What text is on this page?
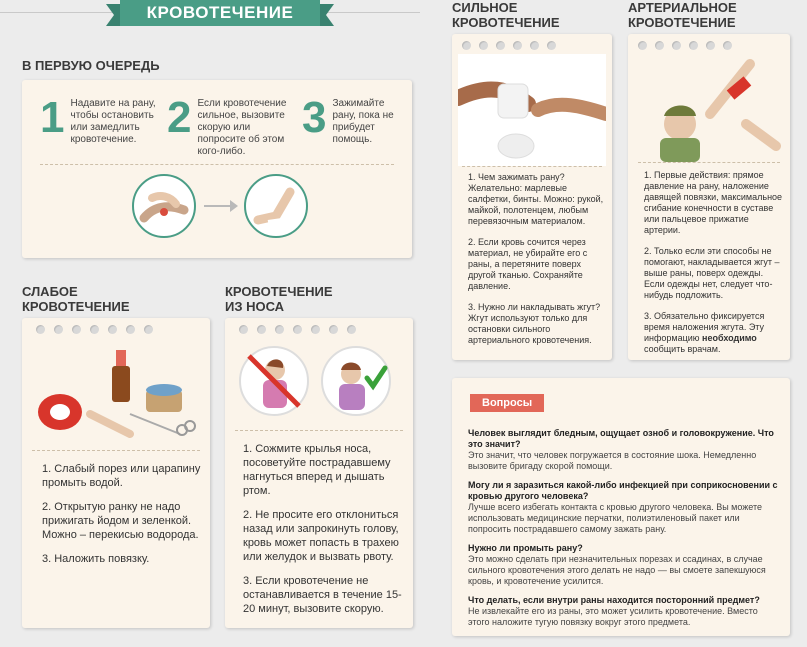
КРОВОТЕЧЕНИЕ
В ПЕРВУЮ ОЧЕРЕДЬ
1 Надавите на рану, чтобы остановить или замедлить кровотечение. 2 Если кровотечение сильное, вызовите скорую или попросите об этом кого-либо.
3 Зажимайте рану, пока не прибудет помощь.
СЛАБОЕ
КРОВОТЕЧЕНИЕ

1. Слабый порез или царапину промыть водой.

2. Открытую ранку не надо прижигать йодом и зеленкой.

Можно – перекисью водорода.

3. Наложить повязку.

КРОВОТЕЧЕНИЕ
ИЗ НОСА

1. Сожмите крылья носа, посоветуйте пострадавшему нагнуться вперед и дышать ртом.

2. Не просите его отклониться назад или запрокинуть голову, кровь может попасть в трахею или желудок и вызвать рвоту.

3. Если кровотечение не останавливается в течение 15-20 минут, вызовите скорую.

СИЛЬНОЕ
КРОВОТЕЧЕНИЕ

1. Чем зажимать рану? Желательно: марлевые салфетки, бинты. Можно: рукой, майкой, полотенцем, любым перевязочным материалом.

2. Если кровь сочится через материал, не убирайте его с раны, а перетяните поверх другой тканью. Сохраняйте давление.

3. Нужно ли накладывать жгут? Жгут используют только для остановки сильного артериального кровотечения.

АРТЕРИАЛЬНОЕ
КРОВОТЕЧЕНИЕ

1. Первые действия: прямое давление на рану, наложение давящей повязки, максимальное сгибание конечности в суставе или пальцевое прижатие артерии.

2. Только если эти способы не помогают, накладывается жгут – выше раны, поверх одежды. Если одежды нет, следует что-нибудь подложить.

3. Обязательно фиксируется время наложения жгута. Эту информацию необходимо сообщить врачам.

Вопросы
Человек выглядит бледным, ощущает озноб и головокружение. Что это значит?
Это значит, что человек погружается в состояние шока. Немедленно вызовите бригаду скорой помощи.
Могу ли я заразиться какой-либо инфекцией при соприкосновении с кровью другого человека?
Лучше всего избегать контакта с кровью другого человека. Вы можете использовать медицинские перчатки, полиэтиленовый пакет или попросить пострадавшего самому зажать рану.
Нужно ли промыть рану?
Это можно сделать при незначительных порезах и ссадинах, в случае сильного кровотечения этого делать не надо — вы смоете запекшуюся кровь, и кровотечение усилится.
Что делать, если внутри раны находится посторонний предмет?
Не извлекайте его из раны, это может усилить кровотечение. Вместо этого наложите тугую повязку вокруг этого предмета.
